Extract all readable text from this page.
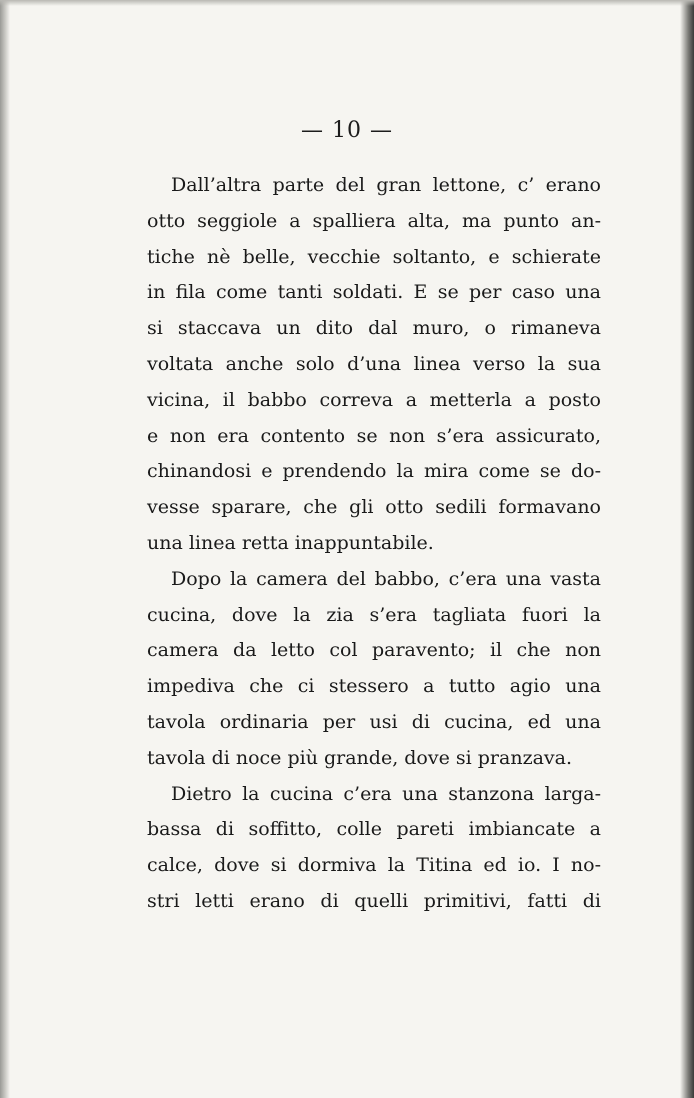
— 10 —
Dall’altra parte del gran lettone, c’ erano
otto seggiole a spalliera alta, ma punto an-
tiche nè belle, vecchie soltanto, e schierate
in fila come tanti soldati. E se per caso una
si staccava un dito dal muro, o rimaneva
voltata anche solo d’una linea verso la sua
vicina, il babbo correva a metterla a posto
e non era contento se non s’era assicurato,
chinandosi e prendendo la mira come se do-
vesse sparare, che gli otto sedili formavano
una linea retta inappuntabile.
Dopo la camera del babbo, c’era una vasta
cucina, dove la zia s’era tagliata fuori la
camera da letto col paravento; il che non
impediva che ci stessero a tutto agio una
tavola ordinaria per usi di cucina, ed una
tavola di noce più grande, dove si pranzava.
Dietro la cucina c’era una stanzona larga-
bassa di soffitto, colle pareti imbiancate a
calce, dove si dormiva la Titina ed io. I no-
stri letti erano di quelli primitivi, fatti di
